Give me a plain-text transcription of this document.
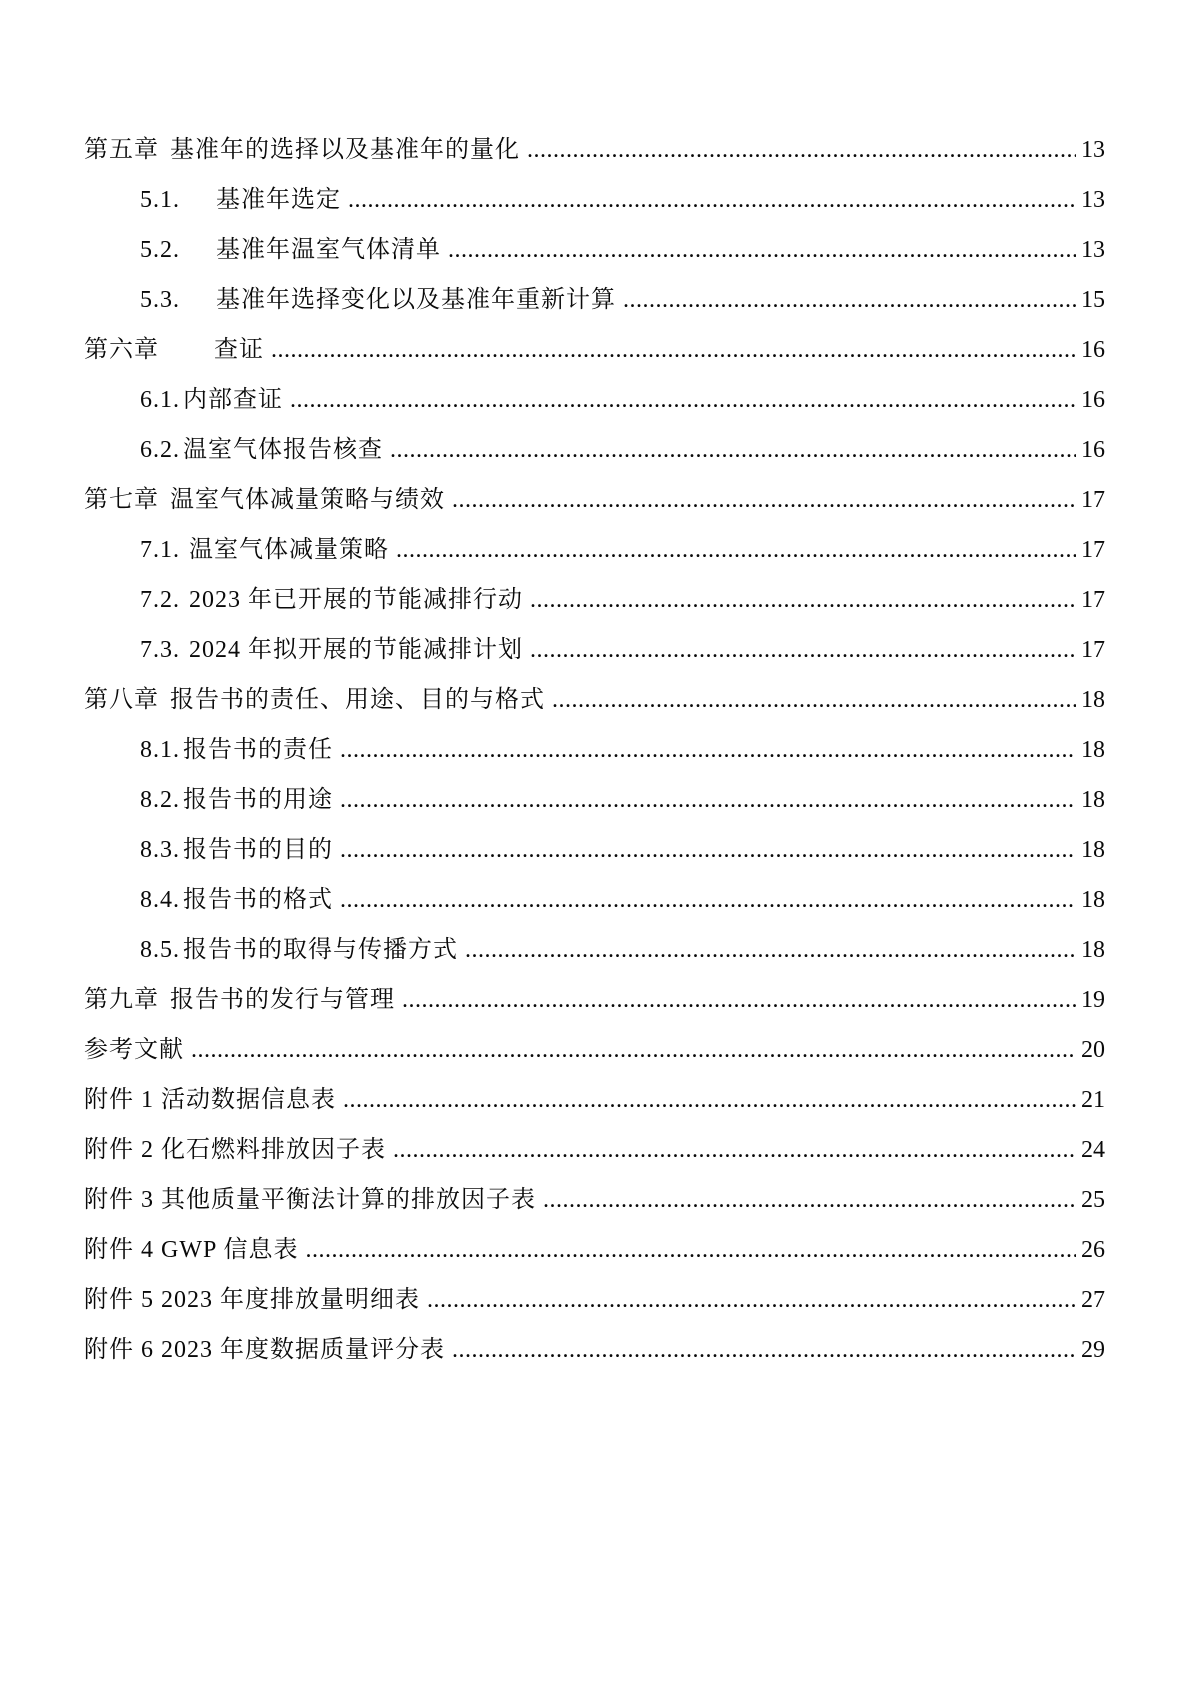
第五章 基准年的选择以及基准年的量化 .....	13
5.1. 基准年选定 .....	13
5.2. 基准年温室气体清单 .....	13
5.3. 基准年选择变化以及基准年重新计算 .....	15
第六章 查证 .....	16
6.1. 内部查证 .....	16
6.2. 温室气体报告核查 .....	16
第七章 温室气体减量策略与绩效 .....	17
7.1. 温室气体减量策略 .....	17
7.2. 2023 年已开展的节能减排行动 .....	17
7.3. 2024 年拟开展的节能减排计划 .....	17
第八章 报告书的责任、用途、目的与格式 .....	18
8.1. 报告书的责任 .....	18
8.2. 报告书的用途 .....	18
8.3. 报告书的目的 .....	18
8.4. 报告书的格式 .....	18
8.5. 报告书的取得与传播方式 .....	18
第九章 报告书的发行与管理 .....	19
参考文献 .....	20
附件 1 活动数据信息表 .....	21
附件 2 化石燃料排放因子表 .....	24
附件 3 其他质量平衡法计算的排放因子表 .....	25
附件 4 GWP 信息表 .....	26
附件 5 2023 年度排放量明细表 .....	27
附件 6 2023 年度数据质量评分表 .....	29
